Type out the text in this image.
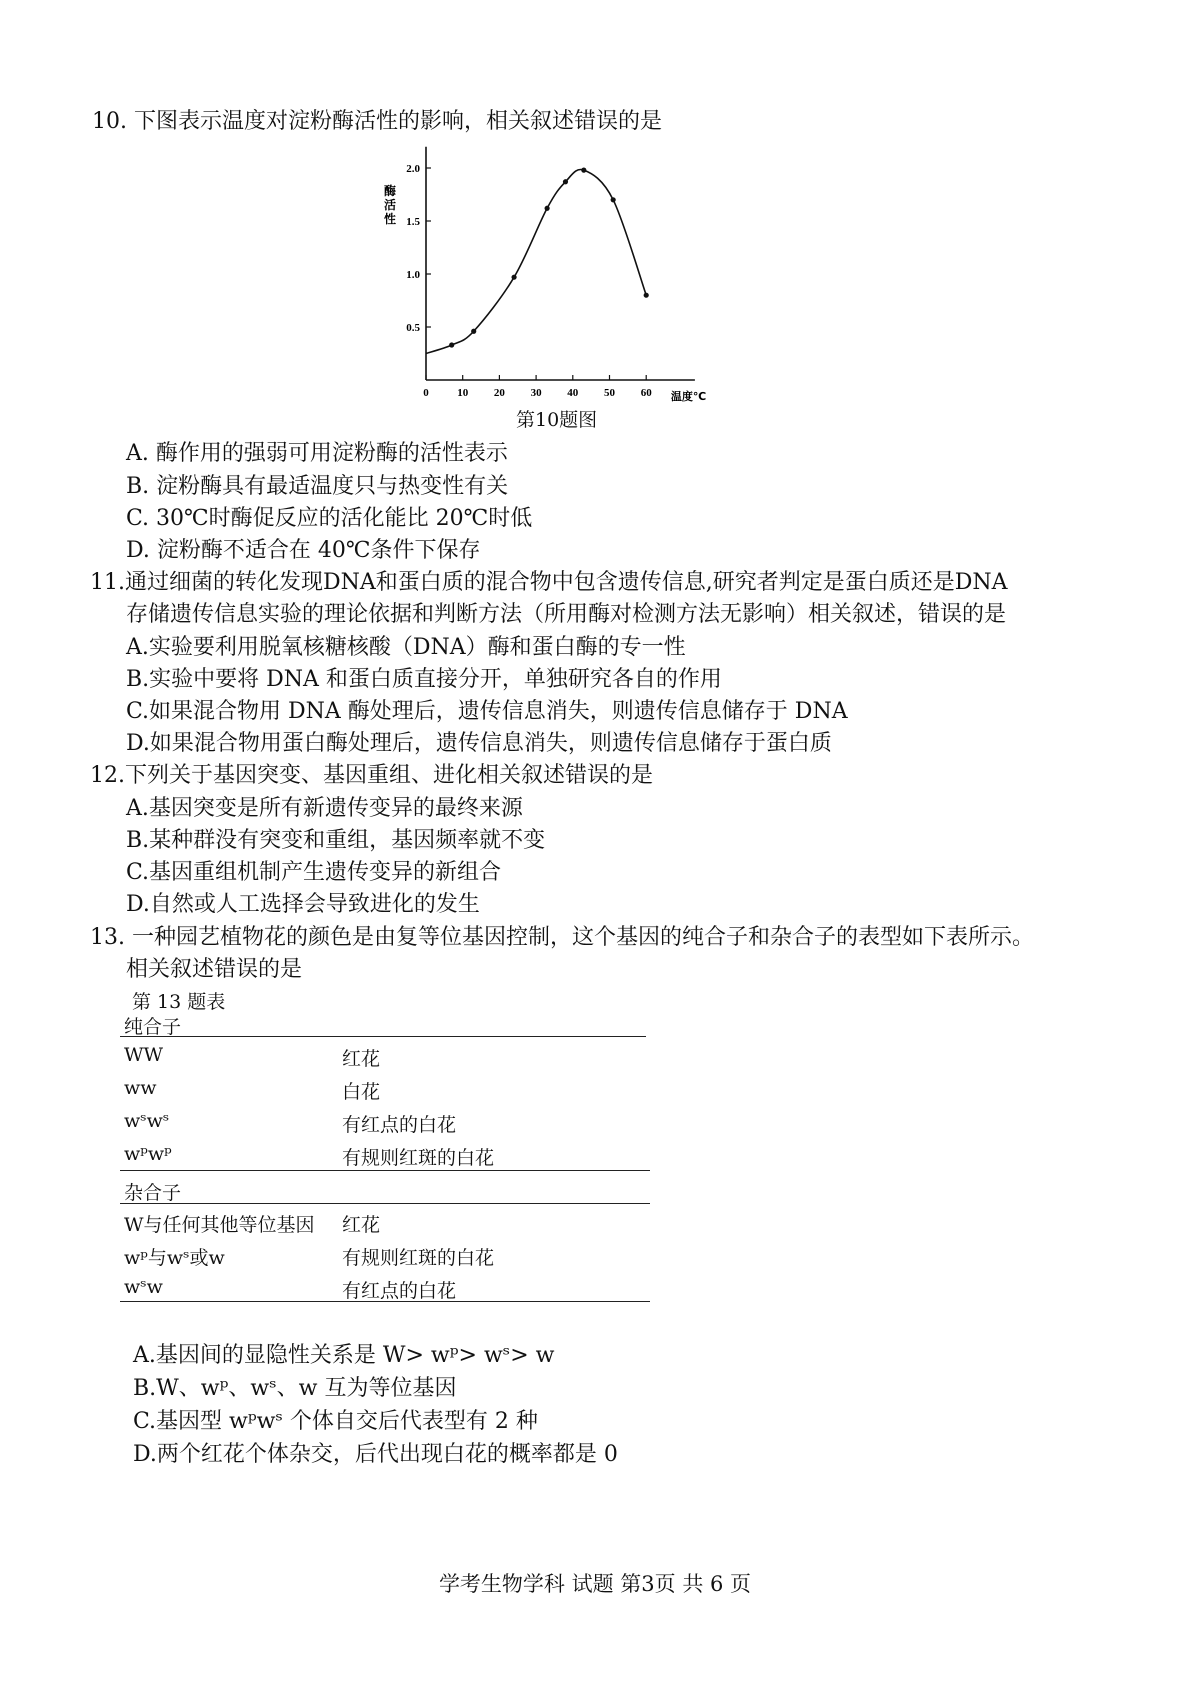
10. 下图表示温度对淀粉酶活性的影响，相关叙述错误的是
0	10 20 30 40 50 60
0.5
1.0
1.5
2.0
酶
活
性
温度℃
第10题图
A. 酶作用的强弱可用淀粉酶的活性表示
B. 淀粉酶具有最适温度只与热变性有关
C. 30℃时酶促反应的活化能比 20℃时低
D. 淀粉酶不适合在 40℃条件下保存
11.通过细菌的转化发现DNA和蛋白质的混合物中包含遗传信息,研究者判定是蛋白质还是DNA
存储遗传信息实验的理论依据和判断方法（所用酶对检测方法无影响）相关叙述，错误的是
A.实验要利用脱氧核糖核酸（DNA）酶和蛋白酶的专一性
B.实验中要将 DNA 和蛋白质直接分开，单独研究各自的作用
C.如果混合物用 DNA 酶处理后，遗传信息消失，则遗传信息储存于 DNA
D.如果混合物用蛋白酶处理后，遗传信息消失，则遗传信息储存于蛋白质
12.下列关于基因突变、基因重组、进化相关叙述错误的是
A.基因突变是所有新遗传变异的最终来源
B.某种群没有突变和重组，基因频率就不变
C.基因重组机制产生遗传变异的新组合
D.自然或人工选择会导致进化的发生
13. 一种园艺植物花的颜色是由复等位基因控制，这个基因的纯合子和杂合子的表型如下表所示。
相关叙述错误的是
第 13 题表
纯合子
WW	红花
ww	白花
wˢwˢ	有红点的白花
wᵖwᵖ	有规则红斑的白花
杂合子
W与任何其他等位基因 红花
wᵖ与wˢ或w	有规则红斑的白花
wˢw	有红点的白花
A.基因间的显隐性关系是 W> wᵖ> wˢ> w
B.W、wᵖ、wˢ、w 互为等位基因
C.基因型 wᵖwˢ 个体自交后代表型有 2 种
D.两个红花个体杂交，后代出现白花的概率都是 0
学考生物学科 试题 第3页 共 6 页
